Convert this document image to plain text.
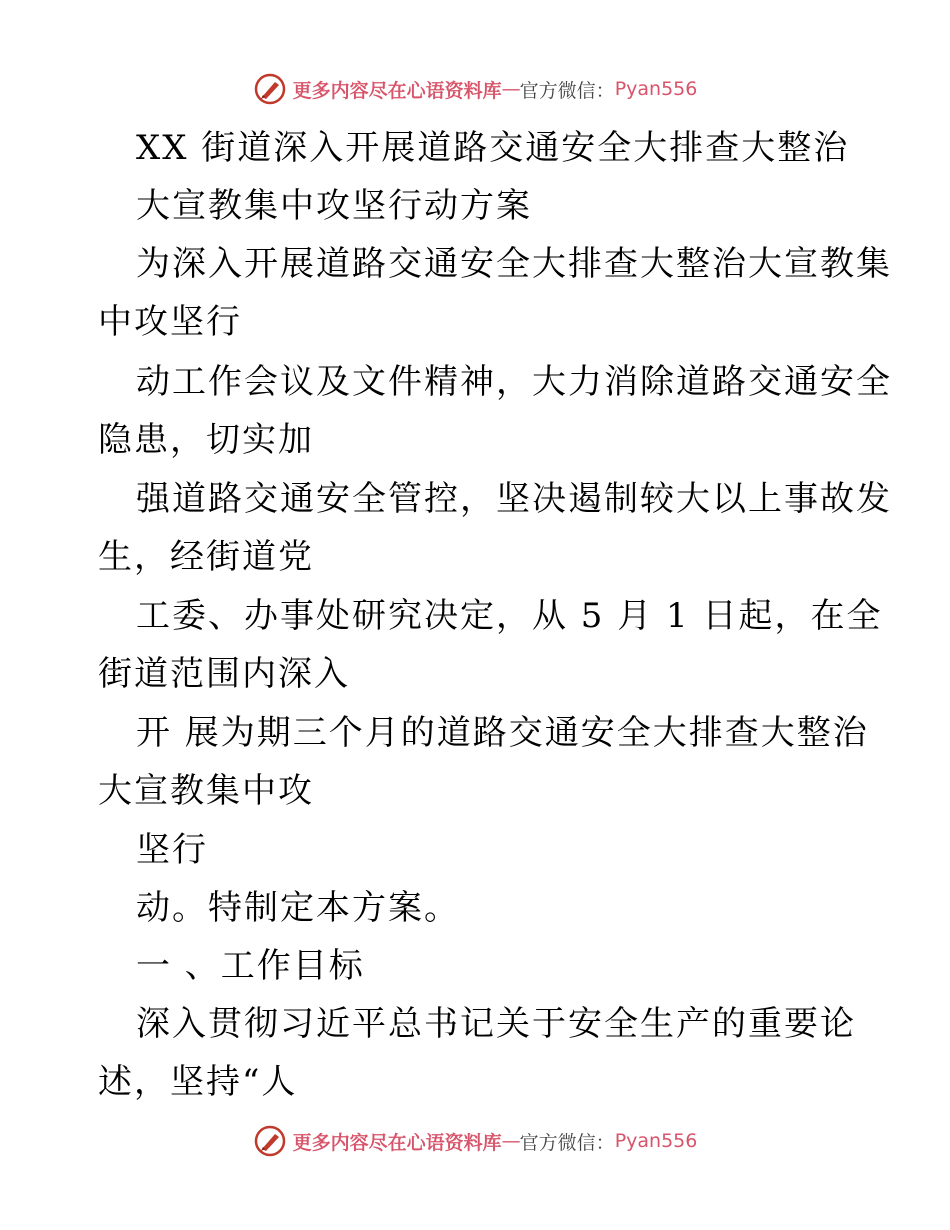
更多内容尽在心语资料库 — 官方微信： Pyan556

XX 街道深入开展道路交通安全大排查大整治

大宣教集中攻坚行动方案

为深入开展道路交通安全大排查大整治大宣教集

中攻坚行

动工作会议及文件精神，大力消除道路交通安全

隐患，切实加

强道路交通安全管控，坚决遏制较大以上事故发

生，经街道党

工委、办事处研究决定，从 5 月 1 日起，在全

街道范围内深入

开 展为期三个月的道路交通安全大排查大整治

大宣教集中攻

坚行

动。特制定本方案。

一 、工作目标

深入贯彻习近平总书记关于安全生产的重要论

述，坚持“人

更多内容尽在心语资料库 — 官方微信： Pyan556
